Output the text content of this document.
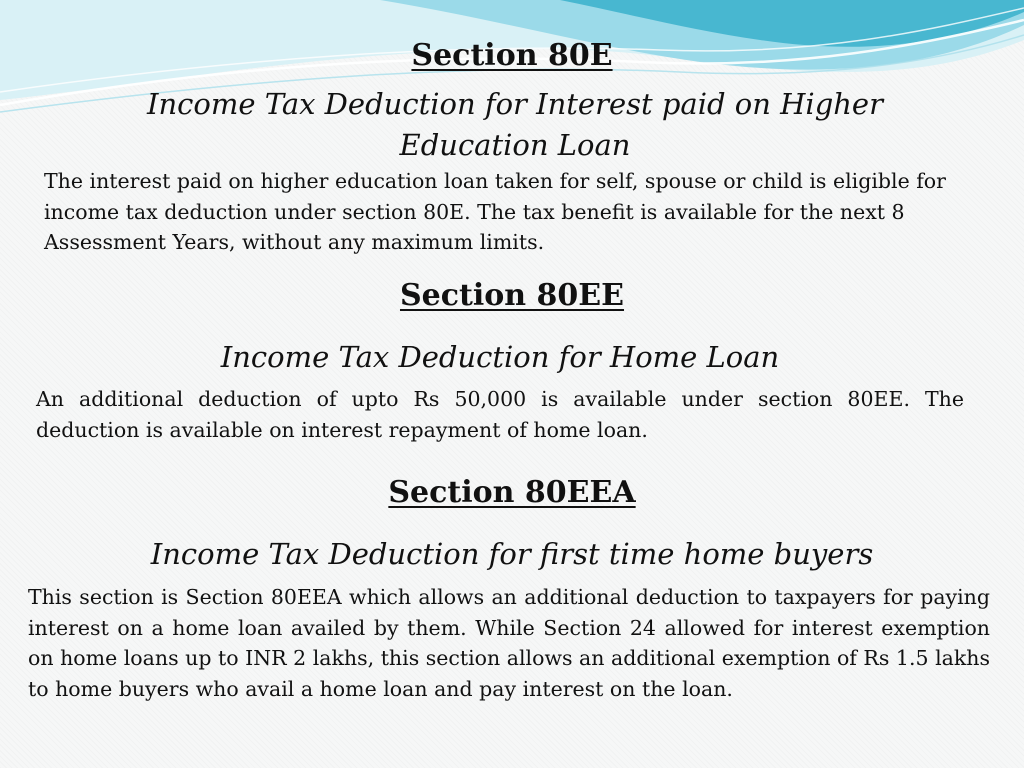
Section 80E

Income Tax Deduction for Interest paid on Higher Education Loan

The interest paid on higher education loan taken for self, spouse or child is eligible for income tax deduction under section 80E. The tax benefit is available for the next 8 Assessment Years, without any maximum limits.

Section 80EE

Income Tax Deduction for Home Loan

An additional deduction of upto Rs 50,000 is available under section 80EE. The deduction is available on interest repayment of home loan.

Section 80EEA

Income Tax Deduction for first time home buyers

This section is Section 80EEA which allows an additional deduction to taxpayers for paying interest on a home loan availed by them. While Section 24 allowed for interest exemption on home loans up to INR 2 lakhs, this section allows an additional exemption of Rs 1.5 lakhs to home buyers who avail a home loan and pay interest on the loan.
